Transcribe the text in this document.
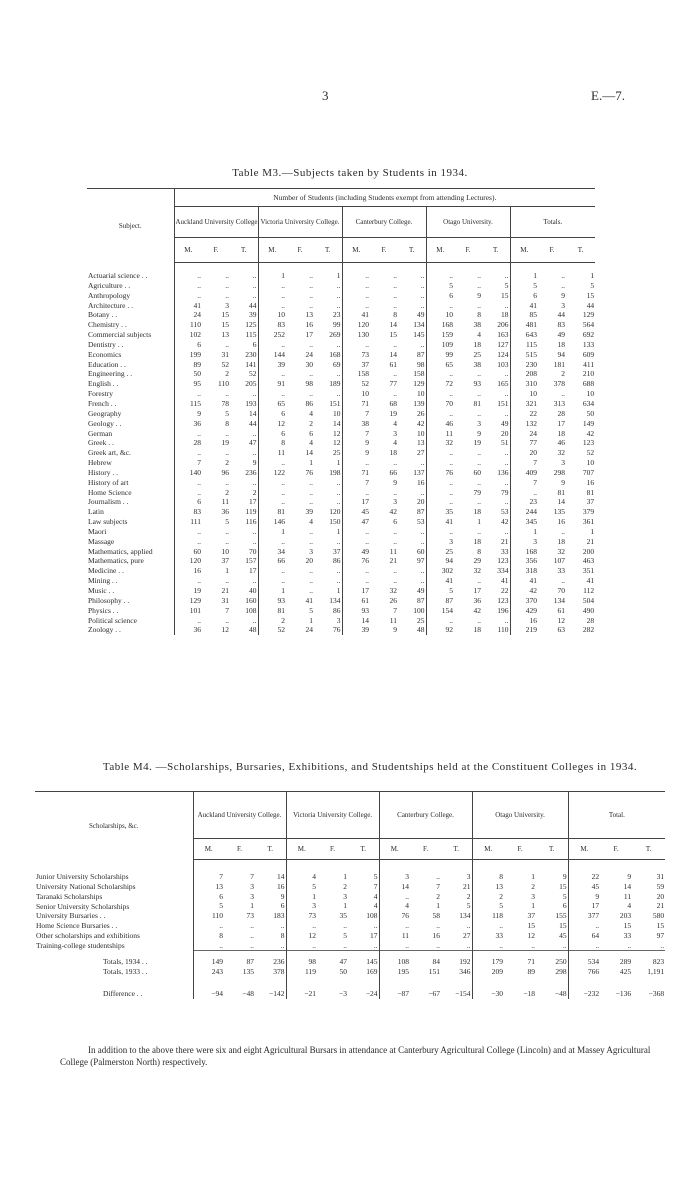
3	E.—7.
Table M3.—Subjects taken by Students in 1934.
Subject.	Number of Students (including Students exempt from attending Lectures).														
	Auckland University College.			Victoria University College.			Canterbury College.			Otago University.			Totals.		
	M.	F.	T.	M.	F.	T.	M.	F.	T.	M.	F.	T.	M.	F.	T.
Actuarial science . .	..	..	..	1	..	1	..	..	..	..	..	..	1	..	1
Agriculture . .	..	..	..	..	..	..	..	..	..	5	..	5	5	..	5
Anthropology	..	..	..	..	..	..	..	..	..	6	9	15	6	9	15
Architecture . .	41	3	44	..	..	..	..	..	..	..	..	..	41	3	44
Botany . .	24	15	39	10	13	23	41	8	49	10	8	18	85	44	129
Chemistry . .	110	15	125	83	16	99	120	14	134	168	38	206	481	83	564
Commercial subjects	102	13	115	252	17	269	130	15	145	159	4	163	643	49	692
Dentistry . .	6	..	6	..	..	..	..	..	..	109	18	127	115	18	133
Economics	199	31	230	144	24	168	73	14	87	99	25	124	515	94	609
Education . .	89	52	141	39	30	69	37	61	98	65	38	103	230	181	411
Engineering . .	50	2	52	..	..	..	158	..	158	..	..	..	208	2	210
English . .	95	110	205	91	98	189	52	77	129	72	93	165	310	378	688
Forestry	..	..	..	..	..	..	10	..	10	..	..	..	10	..	10
French . .	115	78	193	65	86	151	71	68	139	70	81	151	321	313	634
Geography	9	5	14	6	4	10	7	19	26	..	..	..	22	28	50
Geology . .	36	8	44	12	2	14	38	4	42	46	3	49	132	17	149
German	..	..	..	6	6	12	7	3	10	11	9	20	24	18	42
Greek . .	28	19	47	8	4	12	9	4	13	32	19	51	77	46	123
Greek art, &c.	..	..	..	11	14	25	9	18	27	..	..	..	20	32	52
Hebrew	7	2	9	..	1	1	..	..	..	..	..	..	7	3	10
History . .	140	96	236	122	76	198	71	66	137	76	60	136	409	298	707
History of art	..	..	..	..	..	..	7	9	16	..	..	..	7	9	16
Home Science	..	2	2	..	..	..	..	..	..	..	79	79	..	81	81
Journalism . .	6	11	17	..	..	..	17	3	20	..	..	..	23	14	37
Latin	83	36	119	81	39	120	45	42	87	35	18	53	244	135	379
Law subjects	111	5	116	146	4	150	47	6	53	41	1	42	345	16	361
Maori	..	..	..	1	..	1	..	..	..	..	..	..	1	..	1
Massage	..	..	..	..	..	..	..	..	..	3	18	21	3	18	21
Mathematics, applied	60	10	70	34	3	37	49	11	60	25	8	33	168	32	200
Mathematics, pure	120	37	157	66	20	86	76	21	97	94	29	123	356	107	463
Medicine . .	16	1	17	..	..	..	..	..	..	302	32	334	318	33	351
Mining . .	..	..	..	..	..	..	..	..	..	41	..	41	41	..	41
Music . .	19	21	40	1	..	1	17	32	49	5	17	22	42	70	112
Philosophy . .	129	31	160	93	41	134	61	26	87	87	36	123	370	134	504
Physics . .	101	7	108	81	5	86	93	7	100	154	42	196	429	61	490
Political science	..	..	..	2	1	3	14	11	25	..	..	..	16	12	28
Zoology . .	36	12	48	52	24	76	39	9	48	92	18	110	219	63	282
Table M4. —Scholarships, Bursaries, Exhibitions, and Studentships held at the Constituent Colleges in 1934.
Scholarships, &c.	Auckland University College.			Victoria University College.			Canterbury College.			Otago University.			Total.		
	M.	F.	T.	M.	F.	T.	M.	F.	T.	M.	F.	T.	M.	F.	T.
Junior University Scholarships	7	7	14	4	1	5	3	..	3	8	1	9	22	9	31
University National Scholarships	13	3	16	5	2	7	14	7	21	13	2	15	45	14	59
Taranaki Scholarships	6	3	9	1	3	4	..	2	2	2	3	5	9	11	20
Senior University Scholarships	5	1	6	3	1	4	4	1	5	5	1	6	17	4	21
University Bursaries . .	110	73	183	73	35	108	76	58	134	118	37	155	377	203	580
Home Science Bursaries . .	..	..	..	..	..	..	..	..	..	..	15	15	..	15	15
Other scholarships and exhibitions	8	..	8	12	5	17	11	16	27	33	12	45	64	33	97
Training-college studentships	..	..	..	..	..	..	..	..	..	..	..	..	..	..	..
Totals, 1934 . .	149	87	236	98	47	145	108	84	192	179	71	250	534	289	823
Totals, 1933 . .	243	135	378	119	50	169	195	151	346	209	89	298	766	425	1,191
Difference . .	−94	−48	−142	−21	−3	−24	−87	−67	−154	−30	−18	−48	−232	−136	−368
In addition to the above there were six and eight Agricultural Bursars in attendance at Canterbury Agricultural College (Lincoln) and at Massey Agricultural College (Palmerston North) respectively.
